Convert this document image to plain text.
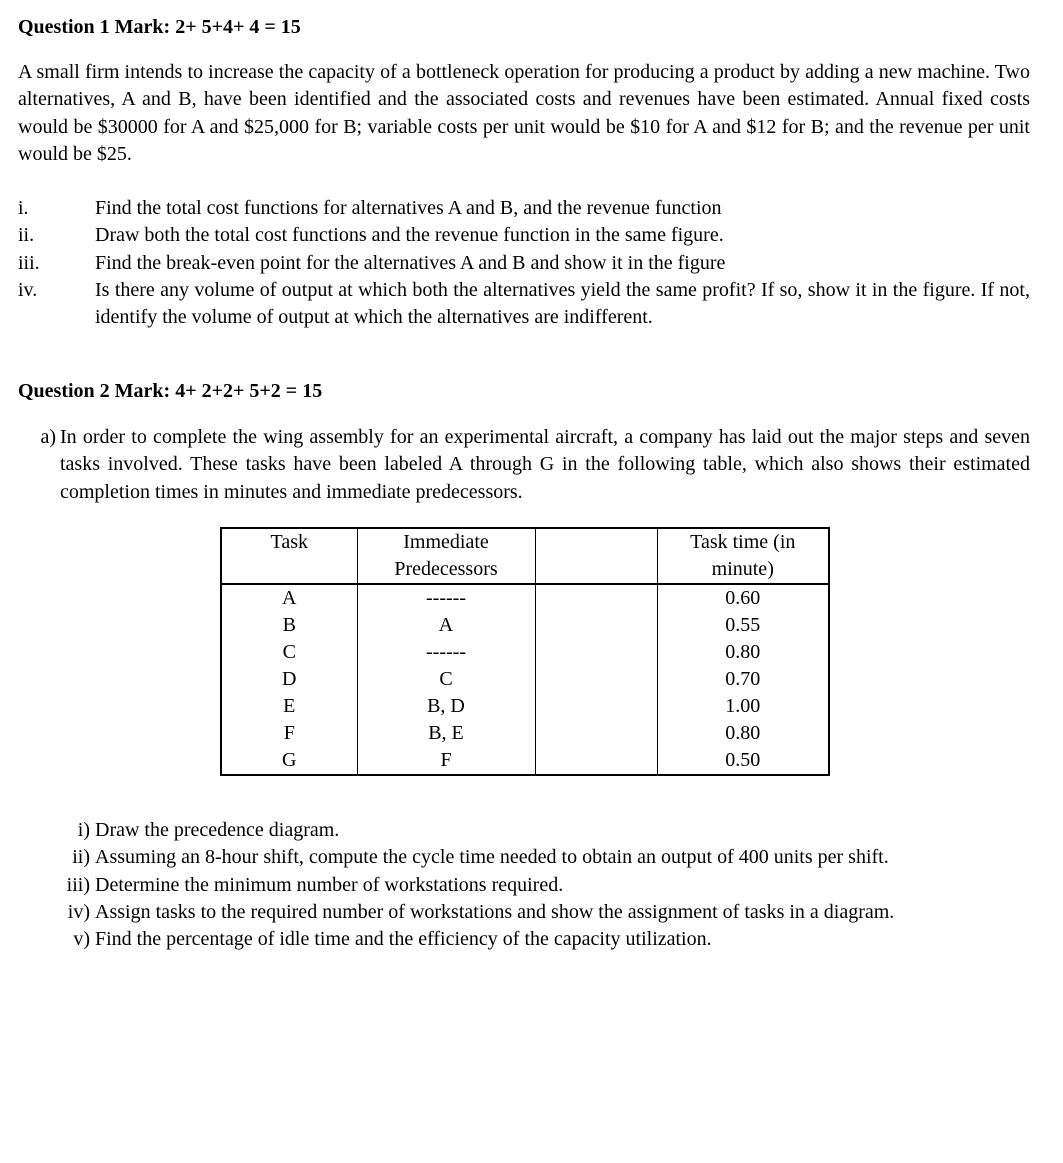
Question 1 Mark: 2+ 5+4+ 4 = 15
A small firm intends to increase the capacity of a bottleneck operation for producing a product by adding a new machine. Two alternatives, A and B, have been identified and the associated costs and revenues have been estimated. Annual fixed costs would be $30000 for A and $25,000 for B; variable costs per unit would be $10 for A and $12 for B; and the revenue per unit would be $25.
i.	Find the total cost functions for alternatives A and B, and the revenue function
ii.	Draw both the total cost functions and the revenue function in the same figure.
iii.	Find the break-even point for the alternatives A and B and show it in the figure
iv.	Is there any volume of output at which both the alternatives yield the same profit? If so, show it in the figure. If not, identify the volume of output at which the alternatives are indifferent.
Question 2 Mark: 4+ 2+2+ 5+2 = 15
a) In order to complete the wing assembly for an experimental aircraft, a company has laid out the major steps and seven tasks involved. These tasks have been labeled A through G in the following table, which also shows their estimated completion times in minutes and immediate predecessors.
Task	Immediate Predecessors		Task time (in minute)
A	------		0.60
B	A		0.55
C	------		0.80
D	C		0.70
E	B, D		1.00
F	B, E		0.80
G	F		0.50
i) Draw the precedence diagram.
ii) Assuming an 8-hour shift, compute the cycle time needed to obtain an output of 400 units per shift.
iii) Determine the minimum number of workstations required.
iv) Assign tasks to the required number of workstations and show the assignment of tasks in a diagram.
v) Find the percentage of idle time and the efficiency of the capacity utilization.
